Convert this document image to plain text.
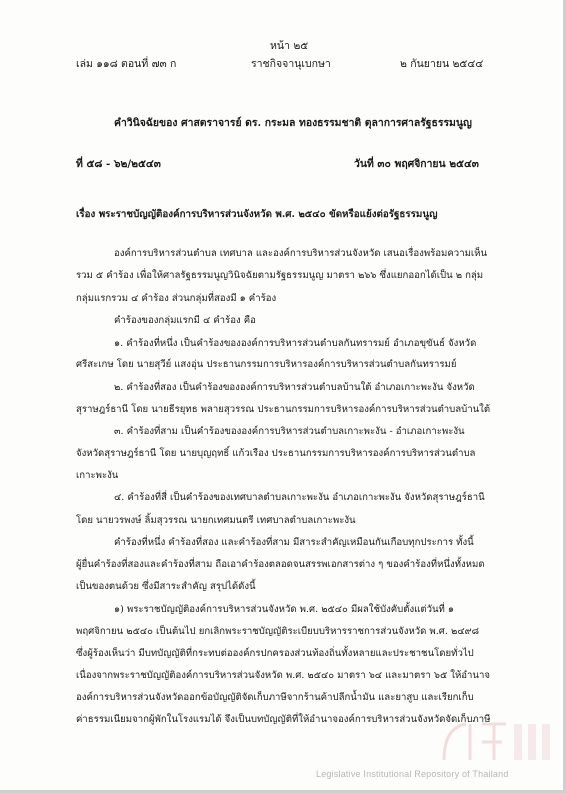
หน้า ๒๕
เล่ม ๑๑๘ ตอนที่ ๗๓ ก	ราชกิจจานุเบกษา	๒ กันยายน ๒๕๔๔
คำวินิจฉัยของ ศาสตราจารย์ ดร. กระมล ทองธรรมชาติ ตุลาการศาลรัฐธรรมนูญ
ที่ ๕๘ - ๖๒/๒๕๔๓	วันที่ ๓๐ พฤศจิกายน ๒๕๔๓
เรื่อง พระราชบัญญัติองค์การบริหารส่วนจังหวัด พ.ศ. ๒๕๔๐ ขัดหรือแย้งต่อรัฐธรรมนูญ
องค์การบริหารส่วนตำบล เทศบาล และองค์การบริหารส่วนจังหวัด เสนอเรื่องพร้อมความเห็น
รวม ๕ คำร้อง เพื่อให้ศาลรัฐธรรมนูญวินิจฉัยตามรัฐธรรมนูญ มาตรา ๒๖๖ ซึ่งแยกออกได้เป็น ๒ กลุ่ม
กลุ่มแรกรวม ๔ คำร้อง ส่วนกลุ่มที่สองมี ๑ คำร้อง
คำร้องของกลุ่มแรกมี ๔ คำร้อง คือ
๑. คำร้องที่หนึ่ง เป็นคำร้องขององค์การบริหารส่วนตำบลกันทรารมย์ อำเภอขุขันธ์ จังหวัด
ศรีสะเกษ โดย นายสุวีย์ แสงอุ่น ประธานกรรมการบริหารองค์การบริหารส่วนตำบลกันทรารมย์
๒. คำร้องที่สอง เป็นคำร้องขององค์การบริหารส่วนตำบลบ้านใต้ อำเภอเกาะพะงัน จังหวัด
สุราษฎร์ธานี โดย นายธีรยุทธ พลายสุวรรณ ประธานกรรมการบริหารองค์การบริหารส่วนตำบลบ้านใต้
๓. คำร้องที่สาม เป็นคำร้องขององค์การบริหารส่วนตำบลเกาะพะงัน - อำเภอเกาะพะงัน
จังหวัดสุราษฎร์ธานี โดย นายบุญฤทธิ์ แก้วเรือง ประธานกรรมการบริหารองค์การบริหารส่วนตำบล
เกาะพะงัน
๔. คำร้องที่สี่ เป็นคำร้องของเทศบาลตำบลเกาะพะงัน อำเภอเกาะพะงัน จังหวัดสุราษฎร์ธานี
โดย นายวรพงษ์ ลิ้มสุวรรณ นายกเทศมนตรี เทศบาลตำบลเกาะพะงัน
คำร้องที่หนึ่ง คำร้องที่สอง และคำร้องที่สาม มีสาระสำคัญเหมือนกันเกือบทุกประการ ทั้งนี้
ผู้ยื่นคำร้องที่สองและคำร้องที่สาม ถือเอาคำร้องตลอดจนสรรพเอกสารต่าง ๆ ของคำร้องที่หนึ่งทั้งหมด
เป็นของตนด้วย ซึ่งมีสาระสำคัญ สรุปได้ดังนี้
๑) พระราชบัญญัติองค์การบริหารส่วนจังหวัด พ.ศ. ๒๕๔๐ มีผลใช้บังคับตั้งแต่วันที่ ๑
พฤศจิกายน ๒๕๔๐ เป็นต้นไป ยกเลิกพระราชบัญญัติระเบียบบริหารราชการส่วนจังหวัด พ.ศ. ๒๔๙๘
ซึ่งผู้ร้องเห็นว่า มีบทบัญญัติที่กระทบต่อองค์กรปกครองส่วนท้องถิ่นทั้งหลายและประชาชนโดยทั่วไป
เนื่องจากพระราชบัญญัติองค์การบริหารส่วนจังหวัด พ.ศ. ๒๕๔๐ มาตรา ๖๔ และมาตรา ๖๕ ให้อำนาจ
องค์การบริหารส่วนจังหวัดออกข้อบัญญัติจัดเก็บภาษีจากร้านค้าปลีกน้ำมัน และยาสูบ และเรียกเก็บ
ค่าธรรมเนียมจากผู้พักในโรงแรมได้ จึงเป็นบทบัญญัติที่ให้อำนาจองค์การบริหารส่วนจังหวัดจัดเก็บภาษี
Legislative Institutional Repository of Thailand
